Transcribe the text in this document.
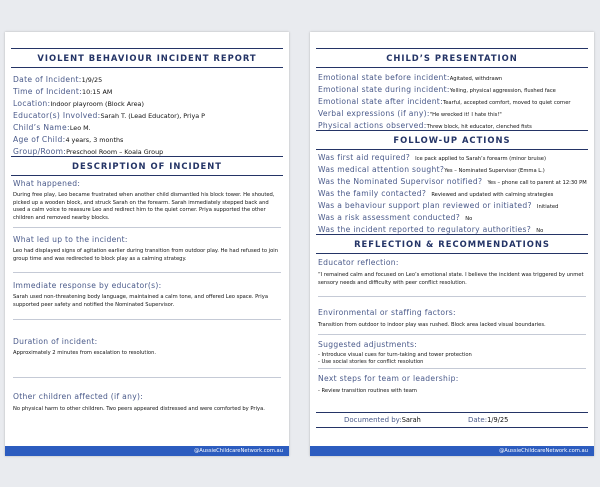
VIOLENT BEHAVIOUR INCIDENT REPORT
Date of Incident:1/9/25
Time of Incident:10:15 AM
Location:Indoor playroom (Block Area)
Educator(s) Involved:Sarah T. (Lead Educator), Priya P
Child’s Name:Leo M.
Age of Child:4 years, 3 months
Group/Room:Preschool Room – Koala Group
DESCRIPTION OF INCIDENT
What happened:
During free play, Leo became frustrated when another child dismantled his block tower. He shouted, picked up a wooden block, and struck Sarah on the forearm. Sarah immediately stepped back and used a calm voice to reassure Leo and redirect him to the quiet corner. Priya supported the other children and removed nearby blocks.
What led up to the incident:
Leo had displayed signs of agitation earlier during transition from outdoor play. He had refused to join group time and was redirected to block play as a calming strategy.
Immediate response by educator(s):
Sarah used non-threatening body language, maintained a calm tone, and offered Leo space. Priya supported peer safety and notified the Nominated Supervisor.
Duration of incident:
Approximately 2 minutes from escalation to resolution.
Other children affected (if any):
No physical harm to other children. Two peers appeared distressed and were comforted by Priya.
@AussieChildcareNetwork.com.au
CHILD’S PRESENTATION
Emotional state before incident:Agitated, withdrawn
Emotional state during incident:Yelling, physical aggression, flushed face
Emotional state after incident:Tearful, accepted comfort, moved to quiet corner
Verbal expressions (if any):"He wrecked it! I hate this!"
Physical actions observed:Threw block, hit educator, clenched fists
FOLLOW-UP ACTIONS
Was first aid required? Ice pack applied to Sarah’s forearm (minor bruise)
Was medical attention sought?Yes – Nominated Supervisor (Emma L.)
Was the Nominated Supervisor notified? Yes – phone call to parent at 12:30 PM
Was the family contacted? Reviewed and updated with calming strategies
Was a behaviour support plan reviewed or initiated? Initiated
Was a risk assessment conducted? No
Was the incident reported to regulatory authorities? No
REFLECTION & RECOMMENDATIONS
Educator reflection:
“I remained calm and focused on Leo’s emotional state. I believe the incident was triggered by unmet sensory needs and difficulty with peer conflict resolution.
Environmental or staffing factors:
Transition from outdoor to indoor play was rushed. Block area lacked visual boundaries.
Suggested adjustments:
- Introduce visual cues for turn-taking and tower protection
- Use social stories for conflict resolution
Next steps for team or leadership:
- Review transition routines with team
Documented by:Sarah	Date:1/9/25
@AussieChildcareNetwork.com.au
